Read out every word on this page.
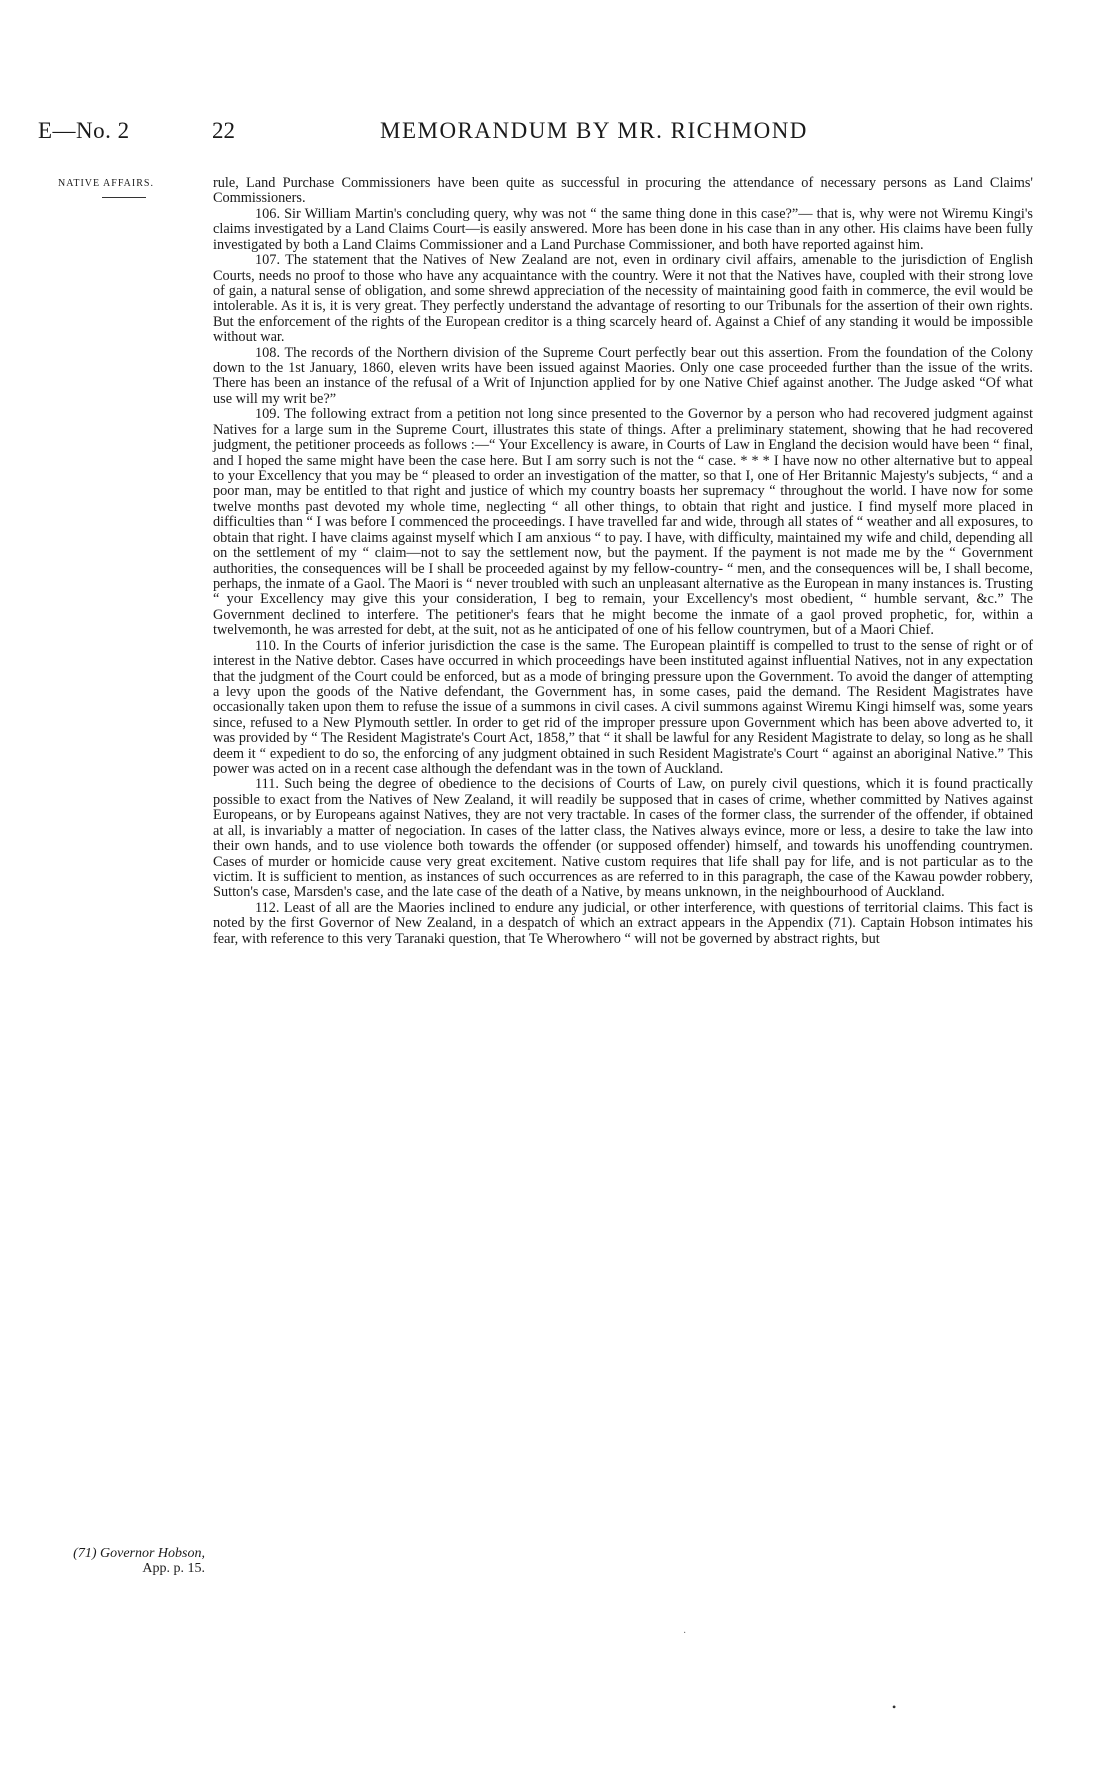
E—No. 2	22	MEMORANDUM BY MR. RICHMOND
NATIVE AFFAIRS.
(71) Governor Hobson,
App. p. 15.

rule, Land Purchase Commissioners have been quite as successful in procuring the attendance of necessary persons as Land Claims' Commissioners.

106. Sir William Martin's concluding query, why was not “ the same thing done in this case?”— that is, why were not Wiremu Kingi's claims investigated by a Land Claims Court—is easily answered. More has been done in his case than in any other. His claims have been fully investigated by both a Land Claims Commissioner and a Land Purchase Commissioner, and both have reported against him.

107. The statement that the Natives of New Zealand are not, even in ordinary civil affairs, amenable to the jurisdiction of English Courts, needs no proof to those who have any acquaintance with the country. Were it not that the Natives have, coupled with their strong love of gain, a natural sense of obligation, and some shrewd appreciation of the necessity of maintaining good faith in commerce, the evil would be intolerable. As it is, it is very great. They perfectly understand the advantage of resorting to our Tribunals for the assertion of their own rights. But the enforcement of the rights of the European creditor is a thing scarcely heard of. Against a Chief of any standing it would be impossible without war.

108. The records of the Northern division of the Supreme Court perfectly bear out this assertion. From the foundation of the Colony down to the 1st January, 1860, eleven writs have been issued against Maories. Only one case proceeded further than the issue of the writs. There has been an instance of the refusal of a Writ of Injunction applied for by one Native Chief against another. The Judge asked “Of what use will my writ be?”

109. The following extract from a petition not long since presented to the Governor by a person who had recovered judgment against Natives for a large sum in the Supreme Court, illustrates this state of things. After a preliminary statement, showing that he had recovered judgment, the petitioner proceeds as follows :—“ Your Excellency is aware, in Courts of Law in England the decision would have been “ final, and I hoped the same might have been the case here. But I am sorry such is not the “ case. * * * I have now no other alternative but to appeal to your Excellency that you may be “ pleased to order an investigation of the matter, so that I, one of Her Britannic Majesty's subjects, “ and a poor man, may be entitled to that right and justice of which my country boasts her supremacy “ throughout the world. I have now for some twelve months past devoted my whole time, neglecting “ all other things, to obtain that right and justice. I find myself more placed in difficulties than “ I was before I commenced the proceedings. I have travelled far and wide, through all states of “ weather and all exposures, to obtain that right. I have claims against myself which I am anxious “ to pay. I have, with difficulty, maintained my wife and child, depending all on the settlement of my “ claim—not to say the settlement now, but the payment. If the payment is not made me by the “ Government authorities, the consequences will be I shall be proceeded against by my fellow-country- “ men, and the consequences will be, I shall become, perhaps, the inmate of a Gaol. The Maori is “ never troubled with such an unpleasant alternative as the European in many instances is. Trusting “ your Excellency may give this your consideration, I beg to remain, your Excellency's most obedient, “ humble servant, &c.” The Government declined to interfere. The petitioner's fears that he might become the inmate of a gaol proved prophetic, for, within a twelvemonth, he was arrested for debt, at the suit, not as he anticipated of one of his fellow countrymen, but of a Maori Chief.

110. In the Courts of inferior jurisdiction the case is the same. The European plaintiff is compelled to trust to the sense of right or of interest in the Native debtor. Cases have occurred in which proceedings have been instituted against influential Natives, not in any expectation that the judgment of the Court could be enforced, but as a mode of bringing pressure upon the Government. To avoid the danger of attempting a levy upon the goods of the Native defendant, the Government has, in some cases, paid the demand. The Resident Magistrates have occasionally taken upon them to refuse the issue of a summons in civil cases. A civil summons against Wiremu Kingi himself was, some years since, refused to a New Plymouth settler. In order to get rid of the improper pressure upon Government which has been above adverted to, it was provided by “ The Resident Magistrate's Court Act, 1858,” that “ it shall be lawful for any Resident Magistrate to delay, so long as he shall deem it “ expedient to do so, the enforcing of any judgment obtained in such Resident Magistrate's Court “ against an aboriginal Native.” This power was acted on in a recent case although the defendant was in the town of Auckland.

111. Such being the degree of obedience to the decisions of Courts of Law, on purely civil questions, which it is found practically possible to exact from the Natives of New Zealand, it will readily be supposed that in cases of crime, whether committed by Natives against Europeans, or by Europeans against Natives, they are not very tractable. In cases of the former class, the surrender of the offender, if obtained at all, is invariably a matter of negociation. In cases of the latter class, the Natives always evince, more or less, a desire to take the law into their own hands, and to use violence both towards the offender (or supposed offender) himself, and towards his unoffending countrymen. Cases of murder or homicide cause very great excitement. Native custom requires that life shall pay for life, and is not particular as to the victim. It is sufficient to mention, as instances of such occurrences as are referred to in this paragraph, the case of the Kawau powder robbery, Sutton's case, Marsden's case, and the late case of the death of a Native, by means unknown, in the neighbourhood of Auckland.

112. Least of all are the Maories inclined to endure any judicial, or other interference, with questions of territorial claims. This fact is noted by the first Governor of New Zealand, in a despatch of which an extract appears in the Appendix (71). Captain Hobson intimates his fear, with reference to this very Taranaki question, that Te Wherowhero “ will not be governed by abstract rights, but

·
•
